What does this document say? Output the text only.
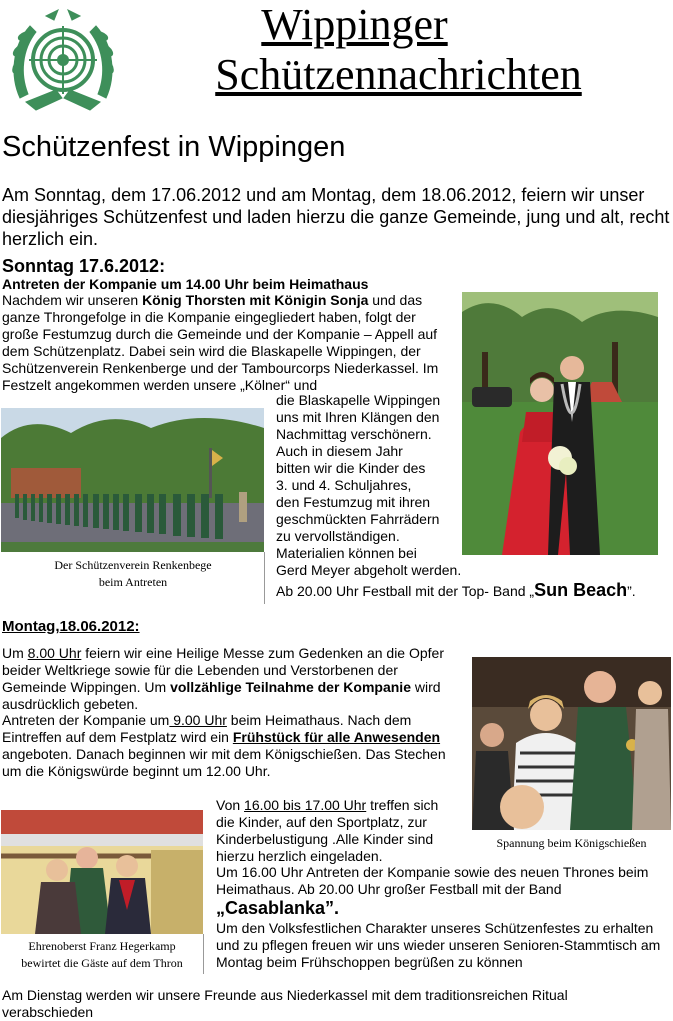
Wippinger
Schützennachrichten
Schützenfest in Wippingen
Am Sonntag, dem 17.06.2012 und am Montag, dem 18.06.2012, feiern wir unser diesjähriges Schützenfest und laden hierzu die ganze Gemeinde, jung und alt, recht herzlich ein.
Sonntag 17.6.2012:
Antreten der Kompanie um 14.00 Uhr beim Heimathaus
Nachdem wir unseren König Thorsten mit Königin Sonja und das ganze Throngefolge in die Kompanie eingegliedert haben, folgt der große Festumzug durch die Gemeinde und der Kompanie – Appell auf dem Schützenplatz. Dabei sein wird die Blaskapelle Wippingen, der Schützenverein Renkenberge und der Tambourcorps Niederkassel. Im Festzelt angekommen werden unsere „Kölner“ und
Der Schützenverein Renkenbege
beim Antreten
die Blaskapelle Wippingen
uns mit Ihren Klängen den
Nachmittag verschönern.
Auch in diesem Jahr
bitten wir die Kinder des
3. und 4. Schuljahres,
den Festumzug mit ihren
geschmückten Fahrrädern
zu vervollständigen.
Materialien können bei
Gerd Meyer abgeholt werden.
Ab 20.00 Uhr Festball mit der Top- Band „Sun Beach”.
Montag,18.06.2012:
Um 8.00 Uhr feiern wir eine Heilige Messe zum Gedenken an die Opfer beider Weltkriege sowie für die Lebenden und Verstorbenen der Gemeinde Wippingen. Um vollzählige Teilnahme der Kompanie wird ausdrücklich gebeten.
Antreten der Kompanie um 9.00 Uhr beim Heimathaus. Nach dem Eintreffen auf dem Festplatz wird ein Frühstück für alle Anwesenden angeboten. Danach beginnen wir mit dem Königschießen. Das Stechen um die Königswürde beginnt um 12.00 Uhr.
Spannung beim Königschießen
Ehrenoberst Franz Hegerkamp
bewirtet die Gäste auf dem Thron
Von 16.00 bis 17.00 Uhr treffen sich die Kinder, auf den Sportplatz, zur Kinderbelustigung .Alle Kinder sind hierzu herzlich eingeladen.
Um 16.00 Uhr Antreten der Kompanie sowie des neuen Thrones beim Heimathaus. Ab 20.00 Uhr großer Festball mit der Band
„Casablanka”.
Um den Volksfestlichen Charakter unseres Schützenfestes zu erhalten und zu pflegen freuen wir uns wieder unseren Senioren-Stammtisch am Montag beim Frühschoppen begrüßen zu können
Am Dienstag werden wir unsere Freunde aus Niederkassel mit dem traditionsreichen Ritual verabschieden
